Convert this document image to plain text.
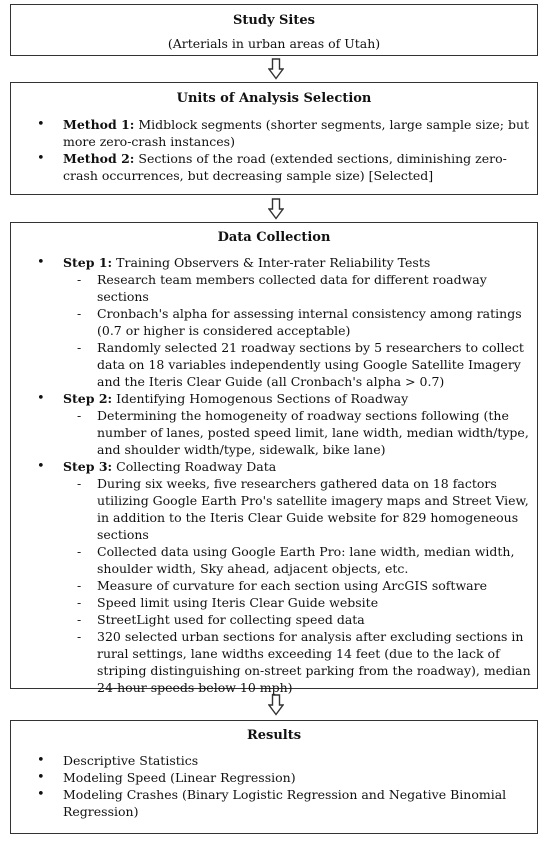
Study Sites
(Arterials in urban areas of Utah)
Units of Analysis Selection
• Method 1: Midblock segments (shorter segments, large sample size; but more zero-crash instances)
• Method 2: Sections of the road (extended sections, diminishing zero-crash occurrences, but decreasing sample size) [Selected]
Data Collection
• Step 1: Training Observers & Inter-rater Reliability Tests
- Research team members collected data for different roadway sections
- Cronbach's alpha for assessing internal consistency among ratings (0.7 or higher is considered acceptable)
- Randomly selected 21 roadway sections by 5 researchers to collect data on 18 variables independently using Google Satellite Imagery and the Iteris Clear Guide (all Cronbach's alpha > 0.7)
• Step 2: Identifying Homogenous Sections of Roadway
- Determining the homogeneity of roadway sections following (the number of lanes, posted speed limit, lane width, median width/type, and shoulder width/type, sidewalk, bike lane)
• Step 3: Collecting Roadway Data
- During six weeks, five researchers gathered data on 18 factors utilizing Google Earth Pro's satellite imagery maps and Street View, in addition to the Iteris Clear Guide website for 829 homogeneous sections
- Collected data using Google Earth Pro: lane width, median width, shoulder width, Sky ahead, adjacent objects, etc.
- Measure of curvature for each section using ArcGIS software
- Speed limit using Iteris Clear Guide website
- StreetLight used for collecting speed data
- 320 selected urban sections for analysis after excluding sections in rural settings, lane widths exceeding 14 feet (due to the lack of striping distinguishing on-street parking from the roadway), median 24-hour speeds below 10 mph)
Results
• Descriptive Statistics
• Modeling Speed (Linear Regression)
• Modeling Crashes (Binary Logistic Regression and Negative Binomial Regression)
